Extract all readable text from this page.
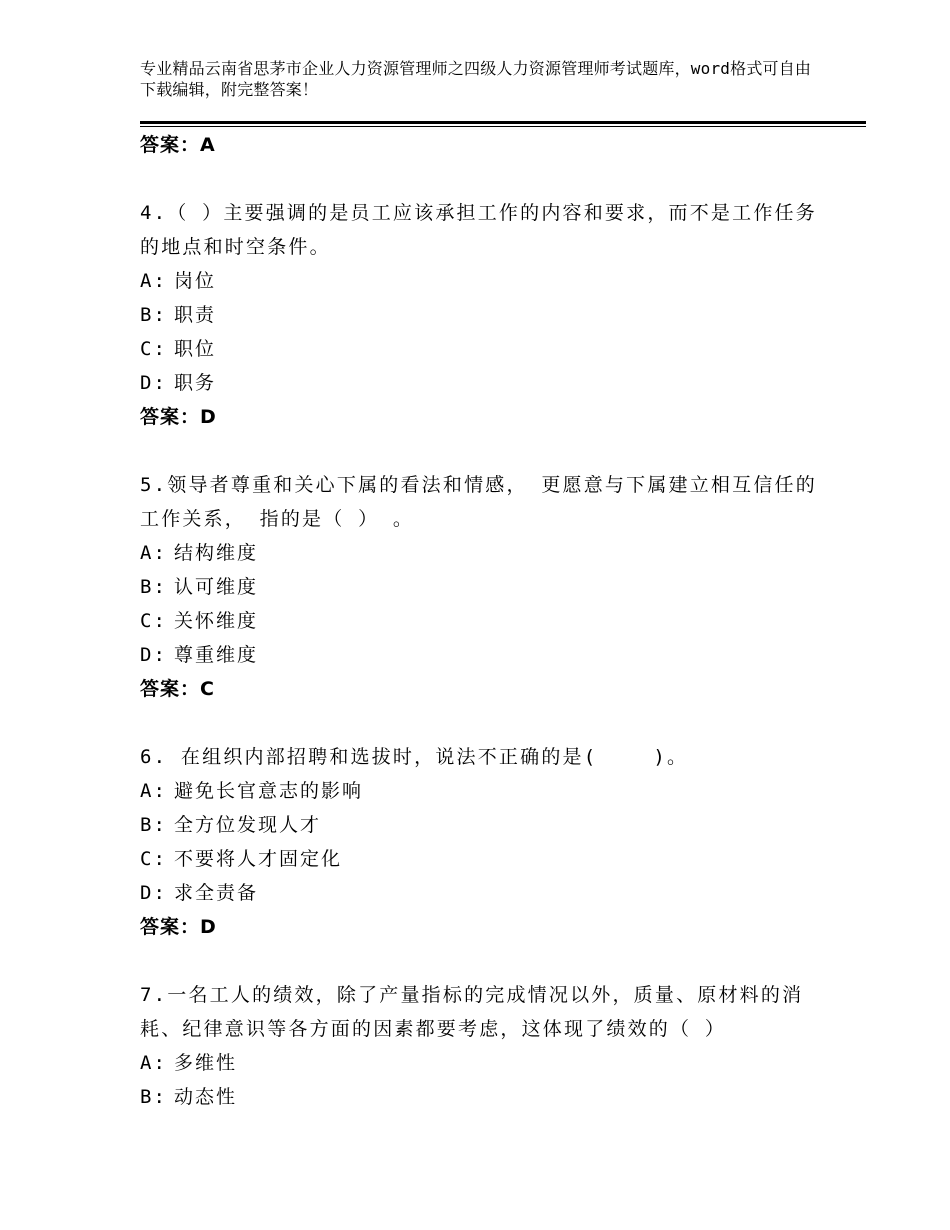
专业精品云南省思茅市企业人力资源管理师之四级人力资源管理师考试题库，word格式可自由下载编辑，附完整答案！
答案：A
4.（ ）主要强调的是员工应该承担工作的内容和要求，而不是工作任务的地点和时空条件。
A: 岗位
B: 职责
C: 职位
D: 职务
答案：D
5.领导者尊重和关心下属的看法和情感， 更愿意与下属建立相互信任的工作关系， 指的是（ ） 。
A: 结构维度
B: 认可维度
C: 关怀维度
D: 尊重维度
答案：C
6. 在组织内部招聘和选拔时，说法不正确的是(　　 )。
A: 避免长官意志的影响
B: 全方位发现人才
C: 不要将人才固定化
D: 求全责备
答案：D
7.一名工人的绩效，除了产量指标的完成情况以外，质量、原材料的消耗、纪律意识等各方面的因素都要考虑，这体现了绩效的（ ）
A: 多维性
B: 动态性
